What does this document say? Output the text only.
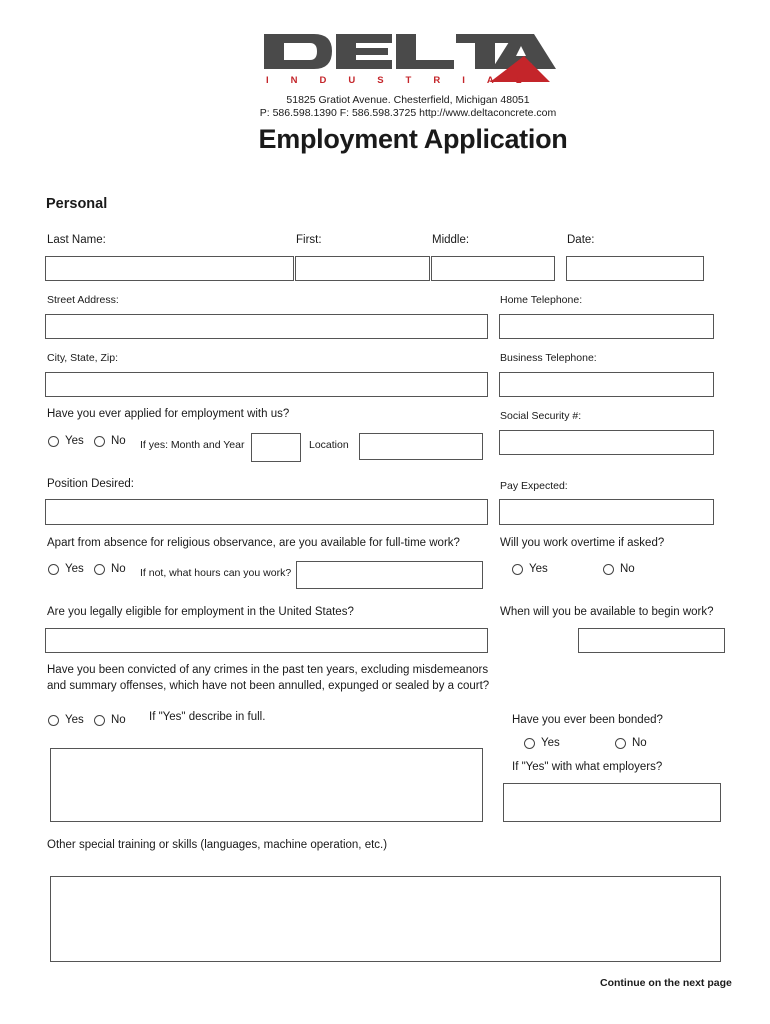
INDUSTRIAL
51825 Gratiot Avenue. Chesterfield, Michigan 48051
P: 586.598.1390 F: 586.598.3725 http://www.deltaconcrete.com
Employment Application
Personal
Last Name:	First:	Middle:	Date:
Street Address:	Home Telephone:
City, State, Zip:	Business Telephone:
Have you ever applied for employment with us?	Social Security #:
Yes No If yes: Month and Year	Location
Position Desired:	Pay Expected:
Apart from absence for religious observance, are you available for full-time work?	Will you work overtime if asked?
Yes No If not, what hours can you work?	Yes	No
Are you legally eligible for employment in the United States?	When will you be available to begin work?
Have you been convicted of any crimes in the past ten years, excluding misdemeanors
and summary offenses, which have not been annulled, expunged or sealed by a court?
Yes No If "Yes" describe in full.	Have you ever been bonded?
Yes	No
If "Yes" with what employers?
Other special training or skills (languages, machine operation, etc.)
Continue on the next page
